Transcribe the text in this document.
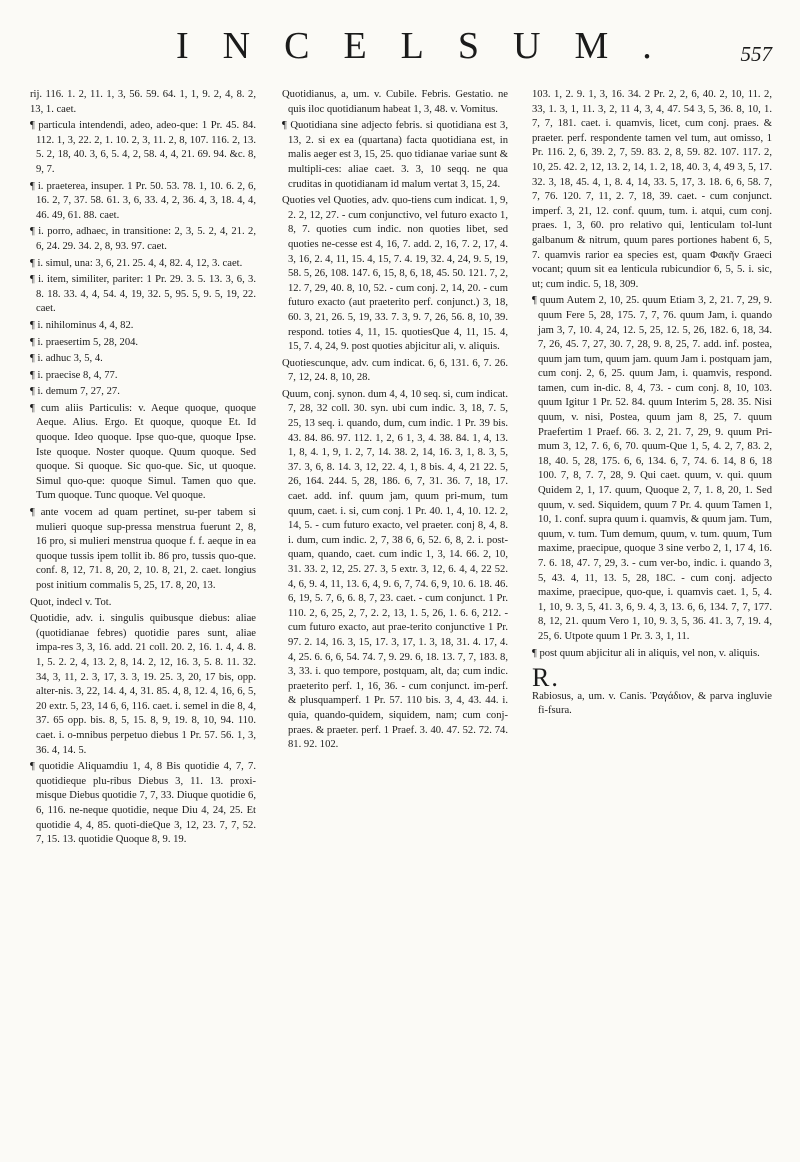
INCELSUM.	557

rij. 116. 1. 2, 11. 1, 3, 56. 59. 64. 1, 1, 9. 2, 4, 8. 2, 13, 1. caet.

¶ particula intendendi, adeo, adeo-que: 1 Pr. 45. 84. 112. 1, 3, 22. 2, 1. 10. 2, 3, 11. 2, 8, 107. 116. 2, 13. 5. 2, 18, 40. 3, 6, 5. 4, 2, 58. 4, 4, 21. 69. 94. &c. 8, 9, 7.

¶ i. praeterea, insuper. 1 Pr. 50. 53. 78. 1, 10. 6. 2, 6, 16. 2, 7, 37. 58. 61. 3, 6, 33. 4, 2, 36. 4, 3, 18. 4, 4, 46. 49, 61. 88. caet.

¶ i. porro, adhaec, in transitione: 2, 3, 5. 2, 4, 21. 2, 6, 24. 29. 34. 2, 8, 93. 97. caet.

¶ i. simul, una: 3, 6, 21. 25. 4, 4, 82. 4, 12, 3. caet.

¶ i. item, similiter, pariter: 1 Pr. 29. 3. 5. 13. 3, 6, 3. 8. 18. 33. 4, 4, 54. 4, 19, 32. 5, 95. 5, 9. 5, 19, 22. caet.

¶ i. nihilominus 4, 4, 82.

¶ i. praesertim 5, 28, 204.

¶ i. adhuc 3, 5, 4.

¶ i. praecise 8, 4, 77.

¶ i. demum 7, 27, 27.

¶ cum aliis Particulis: v. Aeque quoque, quoque Aeque. Alius. Ergo. Et quoque, quoque Et. Id quoque. Ideo quoque. Ipse quo-que, quoque Ipse. Iste quoque. Noster quoque. Quum quoque. Sed quoque. Si quoque. Sic quo-que. Sic, ut quoque. Simul quo-que: quoque Simul. Tamen quo que. Tum quoque. Tunc quoque. Vel quoque.

¶ ante vocem ad quam pertinet, su-per tabem si mulieri quoque sup-pressa menstrua fuerunt 2, 8, 16 pro, si mulieri menstrua quoque f. f. aeque in ea quoque tussis ipem tollit ib. 86 pro, tussis quo-que. conf. 8, 12, 71. 8, 20, 2, 10. 8, 21, 2. caet. longius post initium commalis 5, 25, 17. 8, 20, 13.

Quot, indecl v. Tot.

Quotidie, adv. i. singulis quibusque diebus: aliae (quotidianae febres) quotidie pares sunt, aliae impa-res 3, 3, 16. add. 21 coll. 20. 2, 16. 1. 4, 4. 8. 1, 5. 2. 2, 4, 13. 2, 8, 14. 2, 12, 16. 3, 5. 8. 11. 32. 34, 3, 11, 2. 3, 17, 3. 3, 19. 25. 3, 20, 17 bis, opp. alter-nis. 3, 22, 14. 4, 4, 31. 85. 4, 8, 12. 4, 16, 6, 5, 20 extr. 5, 23, 14 6, 6, 116. caet. i. semel in die 8, 4, 37. 65 opp. bis. 8, 5, 15. 8, 9, 19. 8, 10, 94. 110. caet. i. o-mnibus perpetuo diebus 1 Pr. 57. 56. 1, 3, 36. 4, 14. 5.

¶ quotidie Aliquamdiu 1, 4, 8 Bis quotidie 4, 7, 7. quotidieque plu-ribus Diebus 3, 11. 13. proxi-misque Diebus quotidie 7, 7, 33. Diuque quotidie 6, 6, 116. ne-neque quotidie, neque Diu 4, 24, 25. Et quotidie 4, 4, 85. quoti-dieQue 3, 12, 23. 7, 7, 52. 7, 15. 13. quotidie Quoque 8, 9. 19.

Quotidianus, a, um. v. Cubile. Febris. Gestatio. ne quis iloc quotidianum habeat 1, 3, 48. v. Vomitus.

¶ Quotidiana sine adjecto febris. si quotidiana est 3, 13, 2. si ex ea (quartana) facta quotidiana est, in malis aeger est 3, 15, 25. quo tidianae variae sunt & multipli-ces: aliae caet. 3. 3, 10 seqq. ne qua cruditas in quotidianam id malum vertat 3, 15, 24.

Quoties vel Quoties, adv. quo-tiens cum indicat. 1, 9, 2. 2, 12, 27. - cum conjunctivo, vel futuro exacto 1, 8, 7. quoties cum indic. non quoties libet, sed quoties ne-cesse est 4, 16, 7. add. 2, 16, 7. 2, 17, 4. 3, 16, 2. 4, 11, 15. 4, 15, 7. 4. 19, 32. 4, 24, 9. 5, 19, 58. 5, 26, 108. 147. 6, 15, 8, 6, 18, 45. 50. 121. 7, 2, 12. 7, 29, 40. 8, 10, 52. - cum conj. 2, 14, 20. - cum futuro exacto (aut praeterito perf. conjunct.) 3, 18, 60. 3, 21, 26. 5, 19, 33. 7. 3, 9. 7, 26, 56. 8, 10, 39. respond. toties 4, 11, 15. quotiesQue 4, 11, 15. 4, 15, 7. 4, 24, 9. post quoties abjicitur ali, v. aliquis.

Quotiescunque, adv. cum indicat. 6, 6, 131. 6, 7. 26. 7, 12, 24. 8, 10, 28.

Quum, conj. synon. dum 4, 4, 10 seq. si, cum indicat. 7, 28, 32 coll. 30. syn. ubi cum indic. 3, 18, 7. 5, 25, 13 seq. i. quando, dum, cum indic. 1 Pr. 39 bis. 43. 84. 86. 97. 112. 1, 2, 6 1, 3, 4. 38. 84. 1, 4, 13. 1, 8, 4. 1, 9, 1. 2, 7, 14. 38. 2, 14, 16. 3, 1, 8. 3, 5, 37. 3, 6, 8. 14. 3, 12, 22. 4, 1, 8 bis. 4, 4, 21 22. 5, 26, 164. 244. 5, 28, 186. 6, 7, 31. 36. 7, 18, 17. caet. add. inf. quum jam, quum pri-mum, tum quum, caet. i. si, cum conj. 1 Pr. 40. 1, 4, 10. 12. 2, 14, 5. - cum futuro exacto, vel praeter. conj 8, 4, 8. i. dum, cum indic. 2, 7, 38 6, 6, 52. 6, 8, 2. i. post-quam, quando, caet. cum indic 1, 3, 14. 66. 2, 10, 31. 33. 2, 12, 25. 27. 3, 5 extr. 3, 12, 6. 4, 4, 22 52. 4, 6, 9. 4, 11, 13. 6, 4, 9. 6, 7, 74. 6, 9, 10. 6. 18. 46. 6, 19, 5. 7, 6, 6. 8, 7, 23. caet. - cum conjunct. 1 Pr. 110. 2, 6, 25, 2, 7, 2. 2, 13, 1. 5, 26, 1. 6. 6, 212. - cum futuro exacto, aut prae-terito conjunctive 1 Pr. 97. 2. 14, 16. 3, 15, 17. 3, 17, 1. 3, 18, 31. 4. 17, 4. 4, 25. 6. 6, 6, 54. 74. 7, 9. 29. 6, 18. 13. 7, 7, 183. 8, 3, 33. i. quo tempore, postquam, alt, da; cum indic. praeterito perf. 1, 16, 36. - cum conjunct. im-perf. & plusquamperf. 1 Pr. 57. 110 bis. 3, 4, 43. 44. i. quia, quando-quidem, siquidem, nam; cum conj-praes. & praeter. perf. 1 Praef. 3. 40. 47. 52. 72. 74. 81. 92. 102.

103. 1, 2. 9. 1, 3, 16. 34. 2 Pr. 2, 2, 6, 40. 2, 10, 11. 2, 33, 1. 3, 1, 11. 3, 2, 11 4, 3, 4, 47. 54 3, 5, 36. 8, 10, 1. 7, 7, 181. caet. i. quamvis, licet, cum conj. praes. & praeter. perf. respondente tamen vel tum, aut omisso, 1 Pr. 116. 2, 6, 39. 2, 7, 59. 83. 2, 8, 59. 82. 107. 117. 2, 10, 25. 42. 2, 12, 13. 2, 14, 1. 2, 18, 40. 3, 4, 49 3, 5, 17. 32. 3, 18, 45. 4, 1, 8. 4, 14, 33. 5, 17, 3. 18. 6, 6, 58. 7, 7, 76. 120. 7, 11, 2. 7, 18, 39. caet. - cum conjunct. imperf. 3, 21, 12. conf. quum, tum. i. atqui, cum conj. praes. 1, 3, 60. pro relativo qui, lenticulam tol-lunt galbanum & nitrum, quum pares portiones habent 6, 5, 7. quamvis rarior ea species est, quam Φακῆν Graeci vocant; quum sit ea lenticula rubicundior 6, 5, 5. i. sic, ut; cum indic. 5, 18, 309.

¶ quum Autem 2, 10, 25. quum Etiam 3, 2, 21. 7, 29, 9. quum Fere 5, 28, 175. 7, 7, 76. quum Jam, i. quando jam 3, 7, 10. 4, 24, 12. 5, 25, 12. 5, 26, 182. 6, 18, 34. 7, 26, 45. 7, 27, 30. 7, 28, 9. 8, 25, 7. add. inf. postea, quum jam tum, quum jam. quum Jam i. postquam jam, cum conj. 2, 6, 25. quum Jam, i. quamvis, respond. tamen, cum in-dic. 8, 4, 73. - cum conj. 8, 10, 103. quum Igitur 1 Pr. 52. 84. quum Interim 5, 28. 35. Nisi quum, v. nisi, Postea, quum jam 8, 25, 7. quum Praefertim 1 Praef. 66. 3. 2, 21. 7, 29, 9. quum Pri-mum 3, 12, 7. 6, 6, 70. quum-Que 1, 5, 4. 2, 7, 83. 2, 18, 40. 5, 28, 175. 6, 6, 134. 6, 7, 74. 6. 14, 8 6, 18 100. 7, 8, 7. 7, 28, 9. Qui caet. quum, v. qui. quum Quidem 2, 1, 17. quum, Quoque 2, 7, 1. 8, 20, 1. Sed quum, v. sed. Siquidem, quum 7 Pr. 4. quum Tamen 1, 10, 1. conf. supra quum i. quamvis, & quum jam. Tum, quum, v. tum. Tum demum, quum, v. tum. quum, Tum maxime, praecipue, quoque 3 sine verbo 2, 1, 17 4, 16. 7. 6. 18, 47. 7, 29, 3. - cum ver-bo, indic. i. quando 3, 5, 43. 4, 11, 13. 5, 28, 18C. - cum conj. adjecto maxime, praecipue, quo-que, i. quamvis caet. 1, 5, 4. 1, 10, 9. 3, 5, 41. 3, 6, 9. 4, 3, 13. 6, 6, 134. 7, 7, 177. 8, 12, 21. quum Vero 1, 10, 9. 3, 5, 36. 41. 3, 7, 19. 4, 25, 6. Utpote quum 1 Pr. 3. 3, 1, 11.

¶ post quum abjicitur ali in aliquis, vel non, v. aliquis.

R.

Rabiosus, a, um. v. Canis. Ῥαγάδιον, & parva ingluvie fi-fsura.
